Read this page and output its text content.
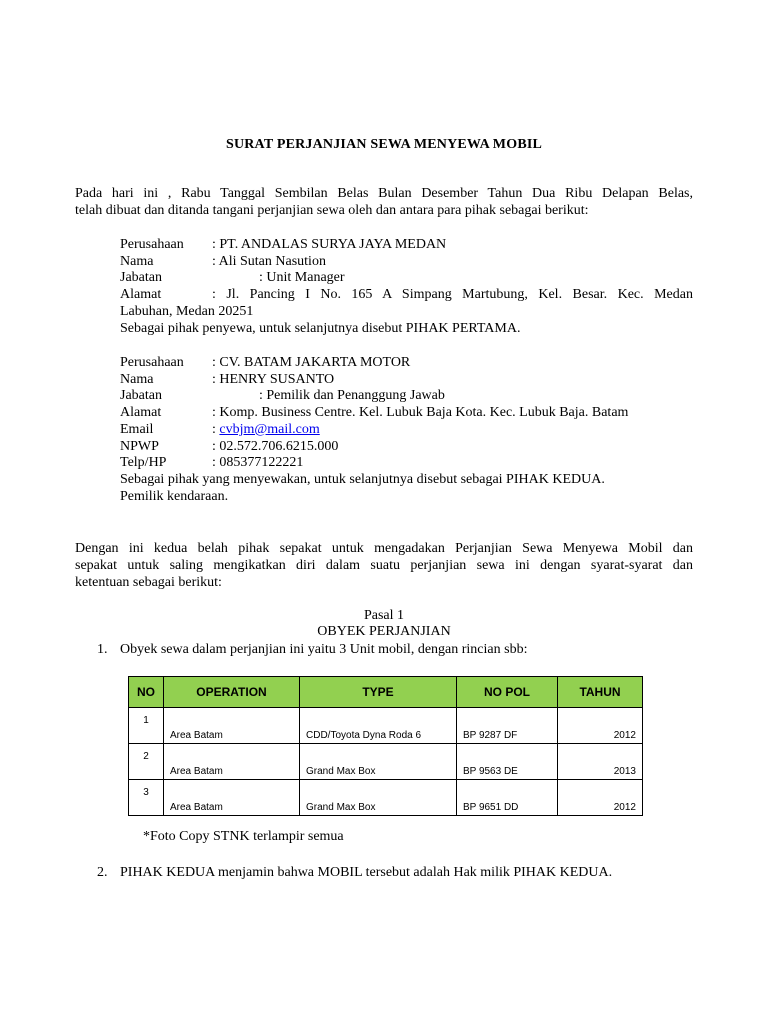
SURAT PERJANJIAN SEWA MENYEWA MOBIL
Pada hari ini , Rabu Tanggal Sembilan Belas Bulan Desember Tahun Dua Ribu Delapan Belas,
telah dibuat dan ditanda tangani perjanjian sewa oleh dan antara para pihak sebagai berikut:
Perusahaan	: PT. ANDALAS SURYA JAYA MEDAN
Nama	: Ali Sutan Nasution
Jabatan	: Unit Manager
Alamat	: Jl. Pancing I No. 165 A Simpang Martubung, Kel. Besar. Kec. Medan
Labuhan, Medan 20251
Sebagai pihak penyewa, untuk selanjutnya disebut PIHAK PERTAMA.
Perusahaan	: CV. BATAM JAKARTA MOTOR
Nama	: HENRY SUSANTO
Jabatan	: Pemilik dan Penanggung Jawab
Alamat	: Komp. Business Centre. Kel. Lubuk Baja Kota. Kec. Lubuk Baja. Batam
Email	: cvbjm@mail.com
NPWP	: 02.572.706.6215.000
Telp/HP	: 085377122221
Sebagai pihak yang menyewakan, untuk selanjutnya disebut sebagai PIHAK KEDUA.
Pemilik kendaraan.
Dengan ini kedua belah pihak sepakat untuk mengadakan Perjanjian Sewa Menyewa Mobil dan
sepakat untuk saling mengikatkan diri dalam suatu perjanjian sewa ini dengan syarat-syarat dan
ketentuan sebagai berikut:
Pasal 1
OBYEK PERJANJIAN
1. Obyek sewa dalam perjanjian ini yaitu 3 Unit mobil, dengan rincian sbb:
NO	OPERATION	TYPE	NO POL	TAHUN
1	Area Batam	CDD/Toyota Dyna Roda 6	BP 9287 DF	2012
2	Area Batam	Grand Max Box	BP 9563 DE	2013
3	Area Batam	Grand Max Box	BP 9651 DD	2012
*Foto Copy STNK terlampir semua
2. PIHAK KEDUA menjamin bahwa MOBIL tersebut adalah Hak milik PIHAK KEDUA.
